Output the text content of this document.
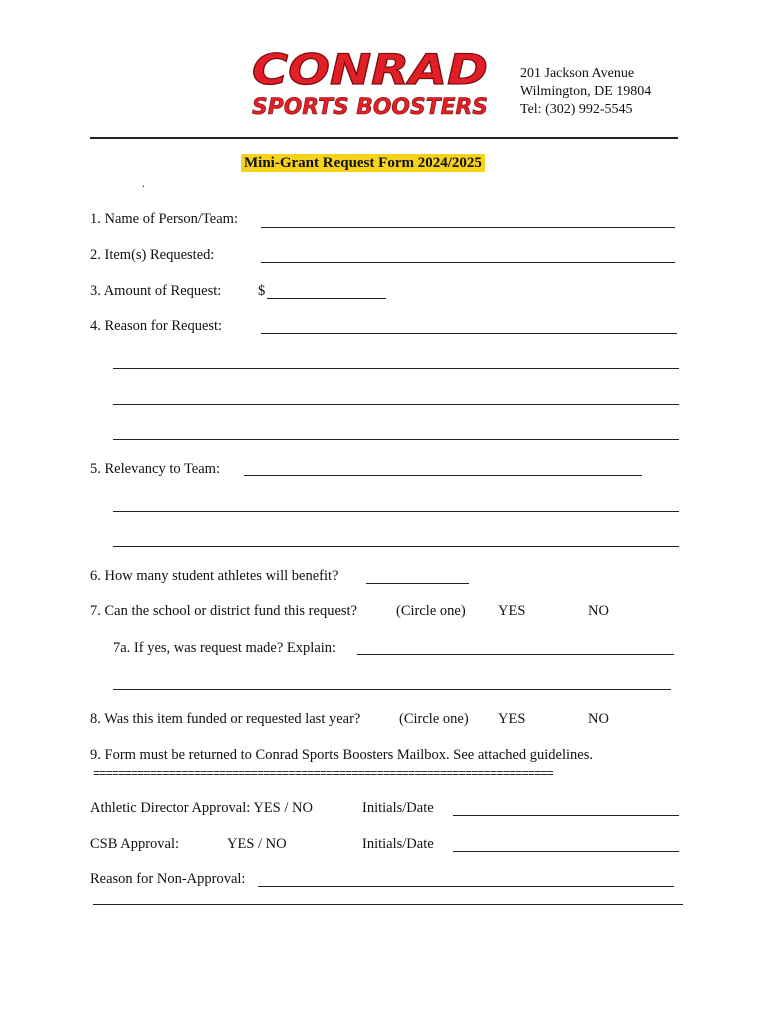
CONRAD
SPORTS BOOSTERS
201 Jackson Avenue
Wilmington, DE 19804
Tel: (302) 992-5545
Mini-Grant Request Form 2024/2025
.
1. Name of Person/Team:
2. Item(s) Requested:
3. Amount of Request:	$
4. Reason for Request:
5. Relevancy to Team:
6. How many student athletes will benefit?
7. Can the school or district fund this request?	(Circle one) YES	NO
7a. If yes, was request made? Explain:
8. Was this item funded or requested last year?	(Circle one) YES	NO
9. Form must be returned to Conrad Sports Boosters Mailbox. See attached guidelines.
=========================================================================
Athletic Director Approval: YES / NO	Initials/Date
CSB Approval:	YES / NO	Initials/Date
Reason for Non-Approval:
